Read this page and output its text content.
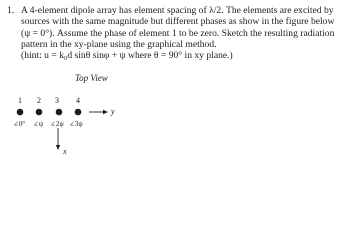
1. A 4-element dipole array has element spacing of λ/2. The elements are excited by
sources with the same magnitude but different phases as show in the figure below
(ψ = 0°). Assume the phase of element 1 to be zero. Sketch the resulting radiation
pattern in the xy-plane using the graphical method.
(hint: u = k₀d sinθ sinφ + ψ where θ = 90° in xy plane.)
Top View
1 2 3 4
y
x
∠0° ∠ψ ∠2ψ ∠3ψ
